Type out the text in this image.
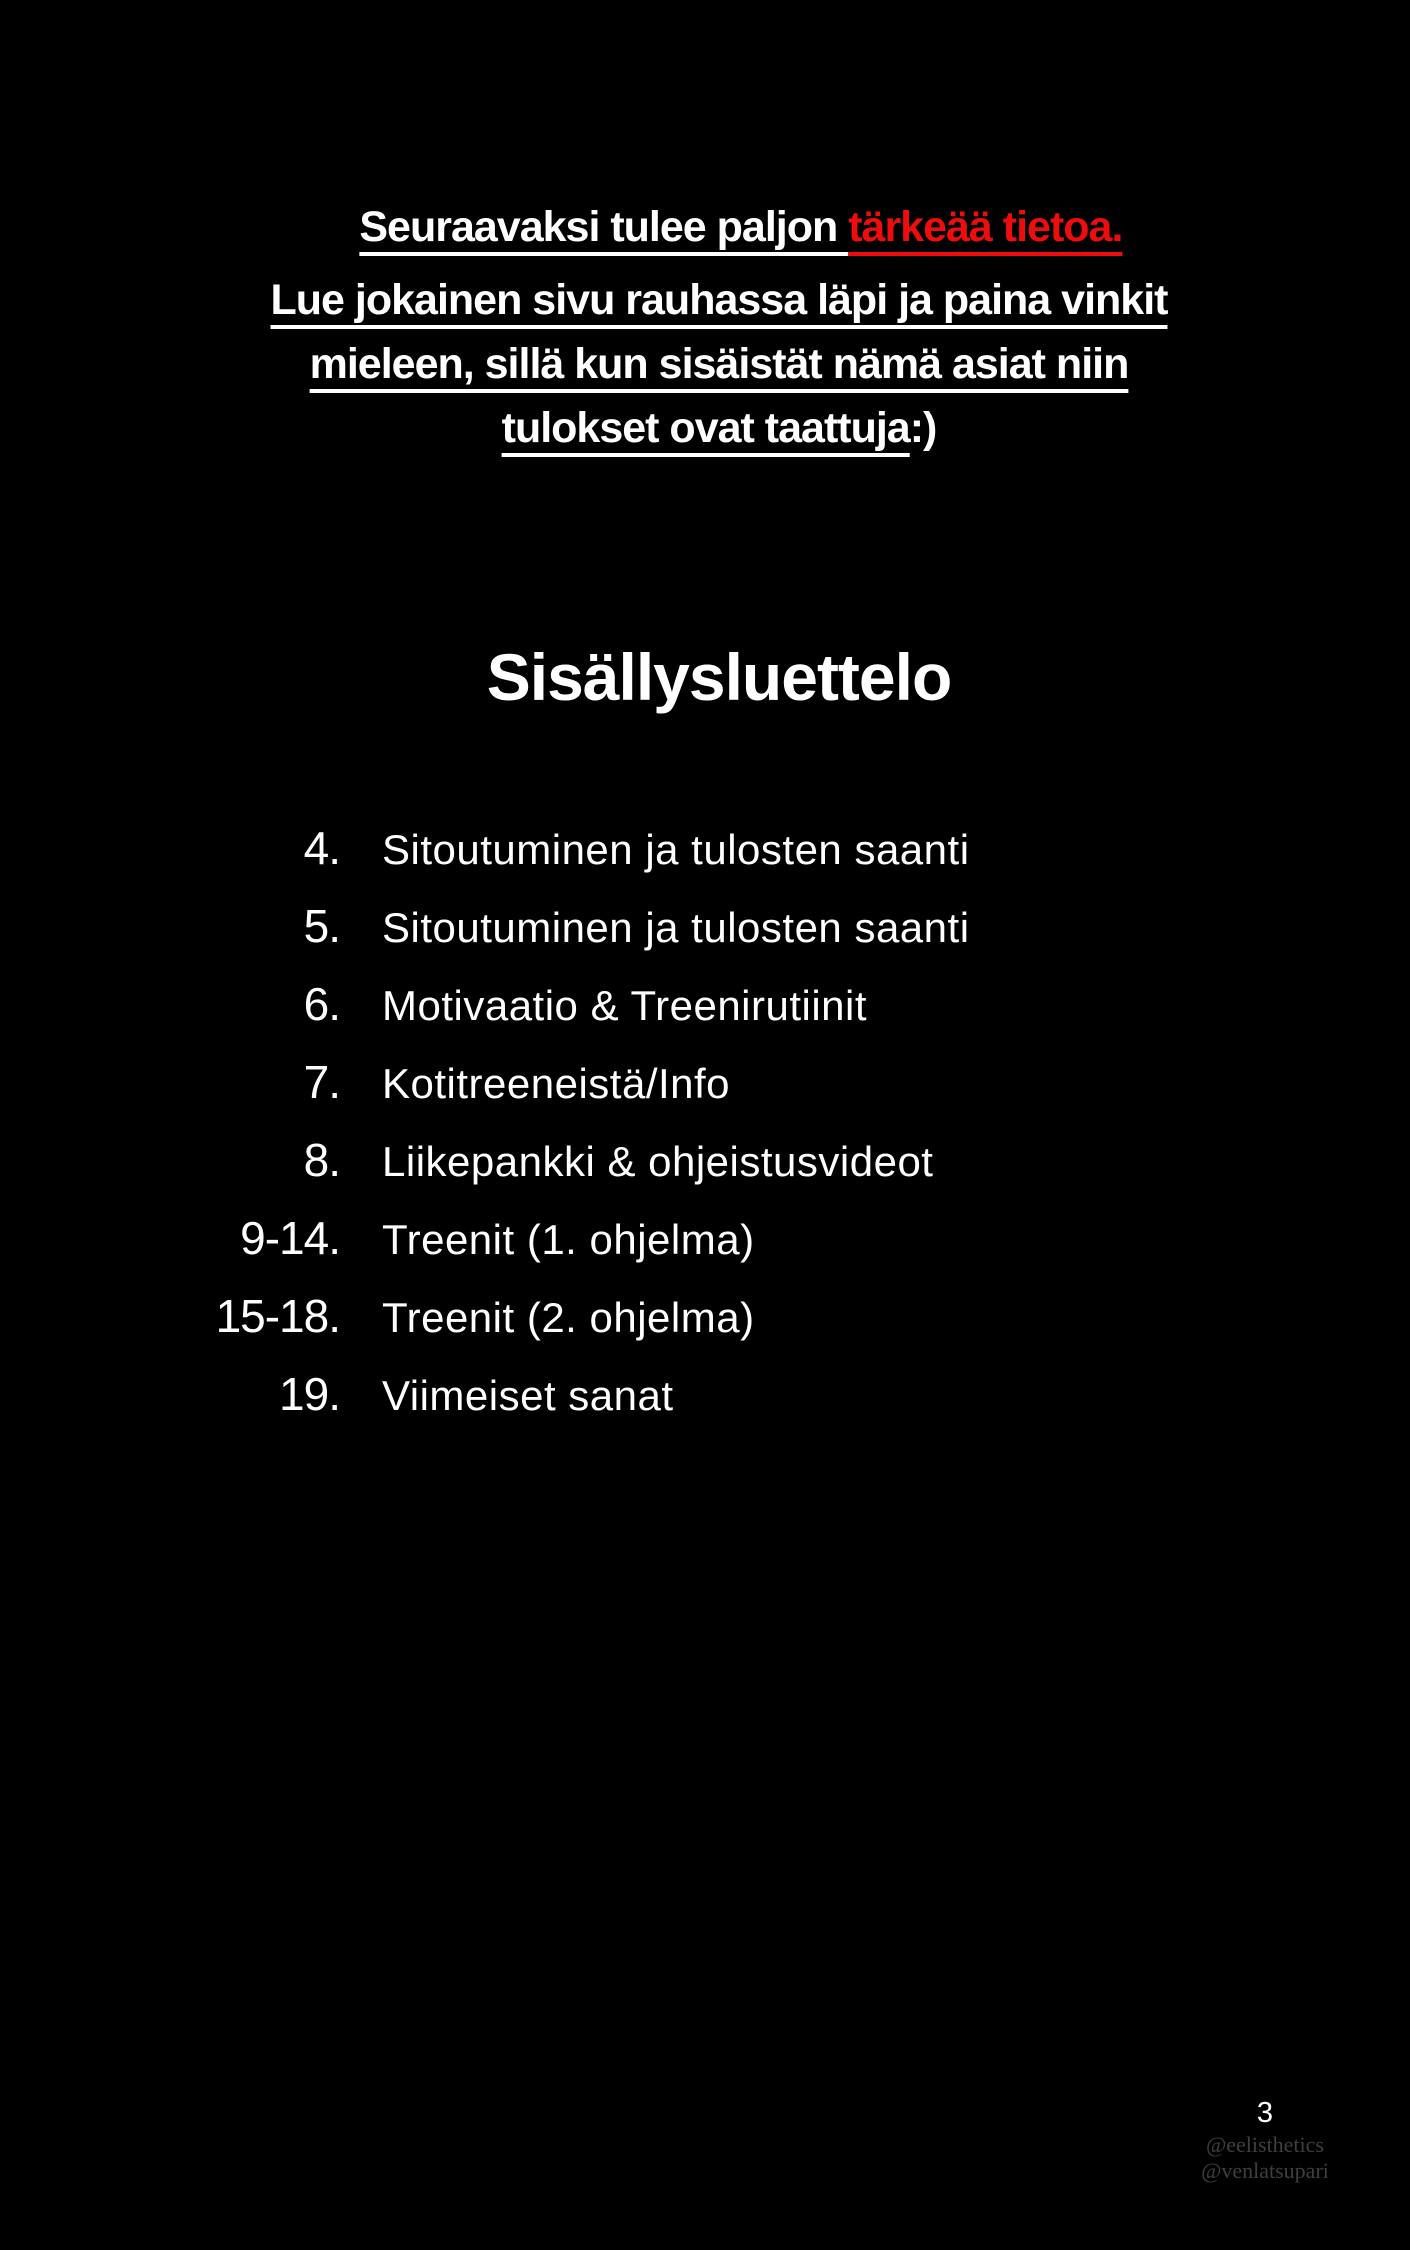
Seuraavaksi tulee paljon tärkeää tietoa.

Lue jokainen sivu rauhassa läpi ja paina vinkit
mieleen, sillä kun sisäistät nämä asiat niin
tulokset ovat taattuja:)
Sisällysluettelo
4. Sitoutuminen ja tulosten saanti
5. Sitoutuminen ja tulosten saanti
6. Motivaatio & Treenirutiinit
7. Kotitreeneistä/Info
8. Liikepankki & ohjeistusvideot
9-14. Treenit (1. ohjelma)
15-18. Treenit (2. ohjelma)
19. Viimeiset sanat
3
@eelisthetics
@venlatsupari
